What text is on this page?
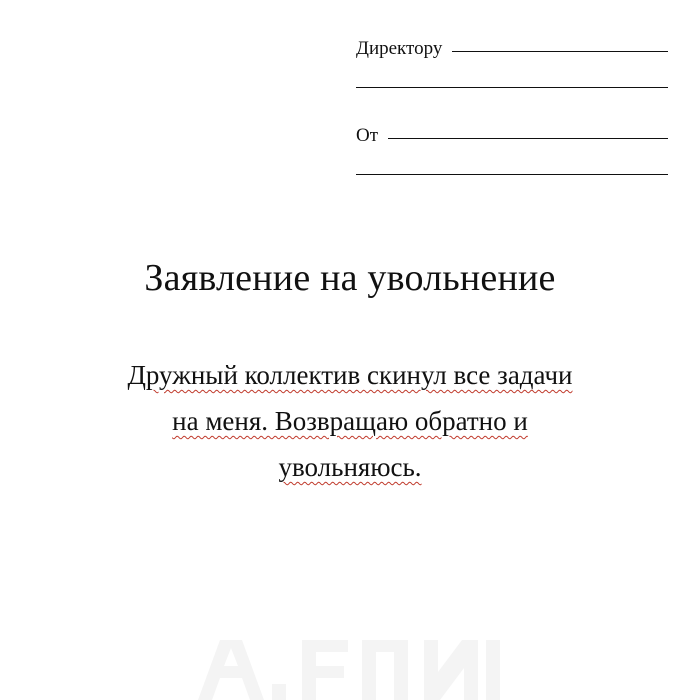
Директору
От
Заявление на увольнение
Дружный коллектив скинул все задачи
на меня. Возвращаю обратно и
увольняюсь.
